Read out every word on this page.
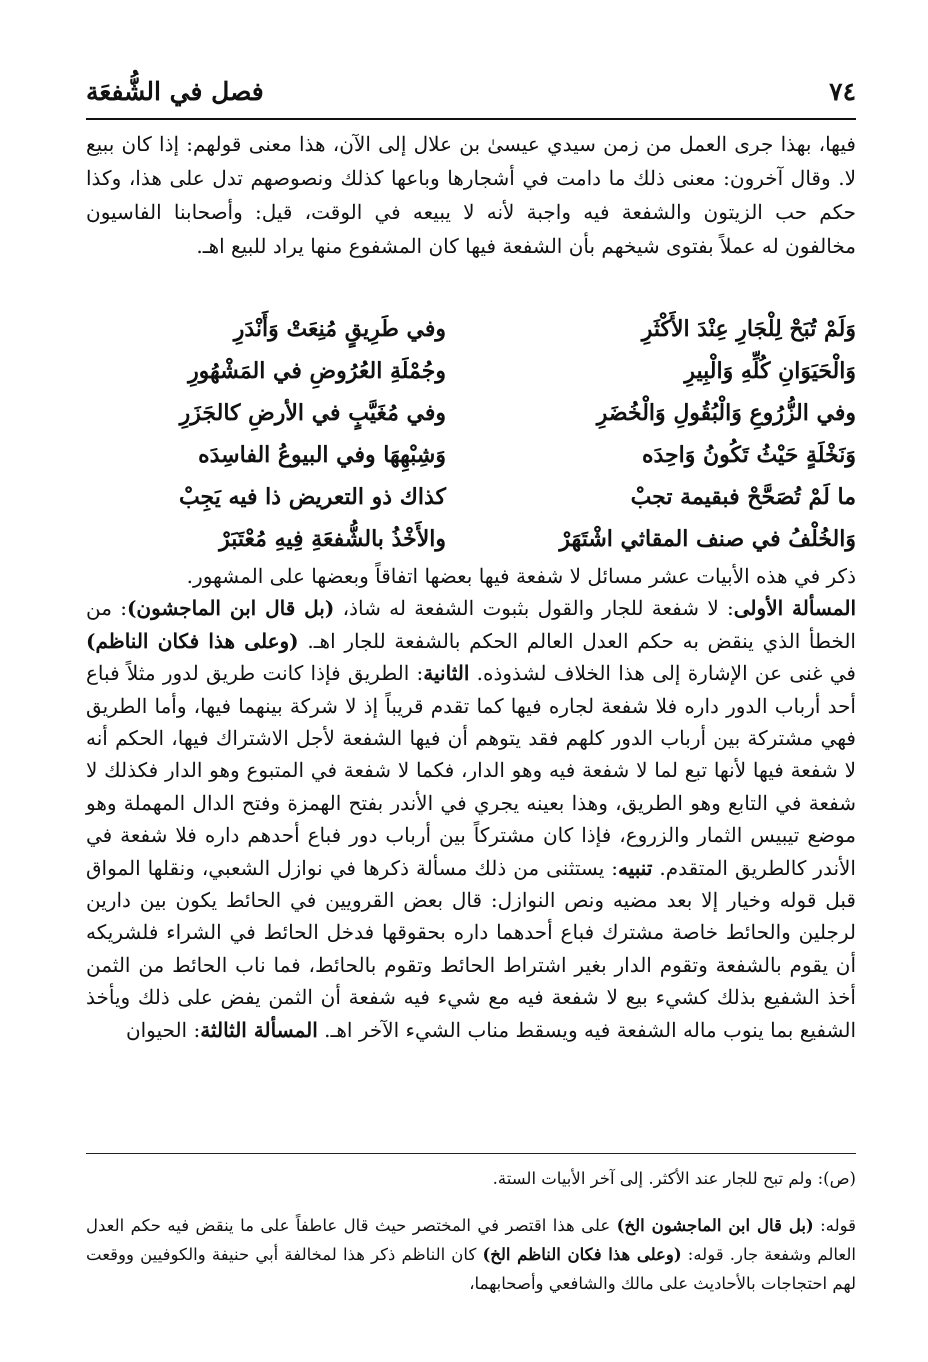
٧٤
فصل في الشُّفعَة

فيها، بهذا جرى العمل من زمن سيدي عيسىٰ بن علال إلى الآن، هذا معنى قولهم: إذا كان ببيع لا. وقال آخرون: معنى ذلك ما دامت في أشجارها وباعها كذلك ونصوصهم تدل على هذا، وكذا حكم حب الزيتون والشفعة فيه واجبة لأنه لا يبيعه في الوقت، قيل: وأصحابنا الفاسيون مخالفون له عملاً بفتوى شيخهم بأن الشفعة فيها كان المشفوع منها يراد للبيع اهـ.

وَلَمْ تُبَحْ لِلْجَارِ عِنْدَ الأَكْثَرِ
وفي طَرِيقٍ مُنِعَتْ وَأَنْدَرِ
وَالْحَيَوَانِ كُلِّهِ وَالْبِيرِ
وجُمْلَةِ العُرُوضِ في المَشْهُورِ
وفي الزُّرُوعِ وَالْبُقُولِ وَالْخُضَرِ
وفي مُغَيَّبٍ في الأرضِ كالجَزَرِ
وَنَخْلَةٍ حَيْثُ تَكُونُ وَاحِدَه
وَشِبْهِهَا وفي البيوعُ الفاسِدَه
ما لَمْ تُصَحَّحْ فبقيمة تجبْ
كذاك ذو التعريض ذا فيه يَجِبْ
وَالخُلْفُ في صنف المقاثي اشْتَهَرْ
والأَخْذُ بالشُّفعَةِ فِيهِ مُعْتَبَرْ

ذكر في هذه الأبيات عشر مسائل لا شفعة فيها بعضها اتفاقاً وبعضها على المشهور.
المسألة الأولى: لا شفعة للجار والقول بثبوت الشفعة له شاذ، (بل قال ابن الماجشون): من الخطأ الذي ينقض به حكم العدل العالم الحكم بالشفعة للجار اهـ. (وعلى هذا فكان الناظم) في غنى عن الإشارة إلى هذا الخلاف لشذوذه. الثانية: الطريق فإذا كانت طريق لدور مثلاً فباع أحد أرباب الدور داره فلا شفعة لجاره فيها كما تقدم قريباً إذ لا شركة بينهما فيها، وأما الطريق فهي مشتركة بين أرباب الدور كلهم فقد يتوهم أن فيها الشفعة لأجل الاشتراك فيها، الحكم أنه لا شفعة فيها لأنها تبع لما لا شفعة فيه وهو الدار، فكما لا شفعة في المتبوع وهو الدار فكذلك لا شفعة في التابع وهو الطريق، وهذا بعينه يجري في الأندر بفتح الهمزة وفتح الدال المهملة وهو موضع تيبيس الثمار والزروع، فإذا كان مشتركاً بين أرباب دور فباع أحدهم داره فلا شفعة في الأندر كالطريق المتقدم. تنبيه: يستثنى من ذلك مسألة ذكرها في نوازل الشعبي، ونقلها المواق قبل قوله وخيار إلا بعد مضيه ونص النوازل: قال بعض القرويين في الحائط يكون بين دارين لرجلين والحائط خاصة مشترك فباع أحدهما داره بحقوقها فدخل الحائط في الشراء فلشريكه أن يقوم بالشفعة وتقوم الدار بغير اشتراط الحائط وتقوم بالحائط، فما ناب الحائط من الثمن أخذ الشفيع بذلك كشيء بيع لا شفعة فيه مع شيء فيه شفعة أن الثمن يفض على ذلك ويأخذ الشفيع بما ينوب ماله الشفعة فيه ويسقط مناب الشيء الآخر اهـ. المسألة الثالثة: الحيوان

(ص): ولم تبح للجار عند الأكثر. إلى آخر الأبيات الستة.

قوله: (بل قال ابن الماجشون الخ) على هذا اقتصر في المختصر حيث قال عاطفاً على ما ينقض فيه حكم العدل العالم وشفعة جار. قوله: (وعلى هذا فكان الناظم الخ) كان الناظم ذكر هذا لمخالفة أبي حنيفة والكوفيين ووقعت لهم احتجاجات بالأحاديث على مالك والشافعي وأصحابهما،
